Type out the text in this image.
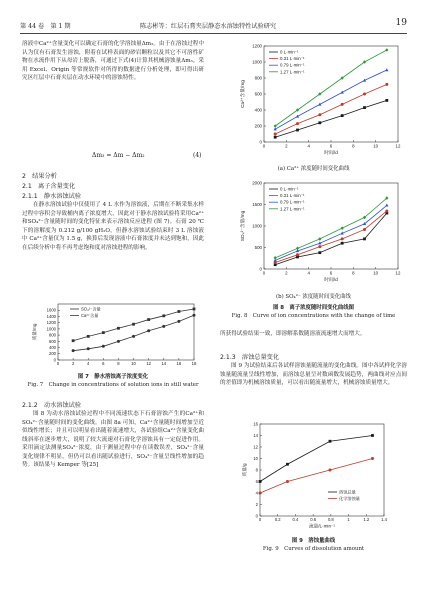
第 44 卷　第 1 期	陈志彬等：红层石膏夹层静态水溶蚀特性试验研究	19

溶液中Ca²⁺含量变化可以确定石膏的化学溶蚀量Δm₂。由于在溶蚀过程中认为仅有石膏发生溶蚀，附着在试样表面的砂岩颗粒以及其它不可溶性矿物在水流作用下从母岩上脱落，可通过下式(4)计算其机械溶蚀量Δm₃。采用 Excel、Origin 等常规软件对所得的数据进行分析处理，即可得出研究区红层中石膏夹层在动水环境中的溶蚀特性。

Δm₃ = Δm − Δm₂	(4)
2　结果分析
2.1　离子含量变化
2.1.1　静水溶蚀试验

在静水溶蚀试验中仅使用了 4 L 水作为溶蚀液，后期在不断采集水样过程中容积会导致桶内离子浓度增大，因此对于静水溶蚀试验将采用Ca²⁺和SO₄²⁻含量随时间的变化特征来表示溶蚀反应进程 (图 7)。石膏 20 ℃ 下的溶解度为 0.212 g/100 gH₂O，但静水溶蚀试验结束时 3 L 溶蚀液中 Ca²⁺含量仅为 1.5 g，换算后发现溶液中石膏浓度并未达到饱和，因此在后续分析中将不再考虑饱和度对溶蚀进程的影响。

0	2	4	6	8	10 12 14 16 18
0
200
400
600
800
1000
1200
1400
1600
质量/mg
SO₄²⁻含量
Ca²⁺含量
图 7　静水溶蚀离子浓度变化
Fig. 7　Change in concentrations of solution ions in still water
2.1.2　动水溶蚀试验

图 8 为动水溶蚀试验过程中不同流速状态下石膏溶蚀产生的Ca²⁺和SO₄²⁻含量随时间的变化曲线。由图 8a 可知，Ca²⁺含量随时间增加呈近似线性增长；并且可以明显看出随着流速增大，各试验组Ca²⁺含量变化曲线斜率在逐步增大，说明了较大流速对石膏化学溶蚀具有一定促进作用。采用滴定法测量SO₄²⁻浓度，由于测量过程中存在读数误差，SO₄²⁻含量变化规律不明显，但仍可以看出随试验进行，SO₄²⁻含量呈线性增加的趋势。该结果与 Kemper 等[25]

0	2	4	6	8	10	12
0
200
400
600
800
1000
1200
时间/d
Ca²⁺含量/mg
0 L·min⁻¹
0.31 L·min⁻¹
0.79 L·min⁻¹
1.27 L·min⁻¹
(a) Ca²⁺ 浓度随时间变化曲线
0	2	4	6	8	10	12
0
500
1000
1500
2000
时间/d
SO₄²⁻含量/mg
0 L·min⁻¹
0.31 L·min⁻¹
0.79 L·min⁻¹
1.27 L·min⁻¹
(b) SO₄²⁻ 浓度随时间变化曲线
图 8　离子浓度随时间变化曲线图
Fig. 8　Curve of ion concentrations with the change of time

所获得试验结果一致，即溶解系数随溶液流速增大而增大。

2.1.3　溶蚀总量变化

图 9 为试验结束后各试样溶蚀量随流量的变化曲线。图中各试样化学溶蚀量随流量呈线性增加，而溶蚀总量呈对数函数发展趋势，两曲线对应点间的差值即为机械溶蚀质量，可以看出随流量增大，机械溶蚀质量增大。

0	0.2	0.4	0.6	0.8	1	1.2	1.4
0
2
4
6
8
10
12
14
16
流量/L·min⁻¹
质量/g
溶蚀总量
化学溶蚀量
图 9　溶蚀量曲线
Fig. 9　Curves of dissolution amount
